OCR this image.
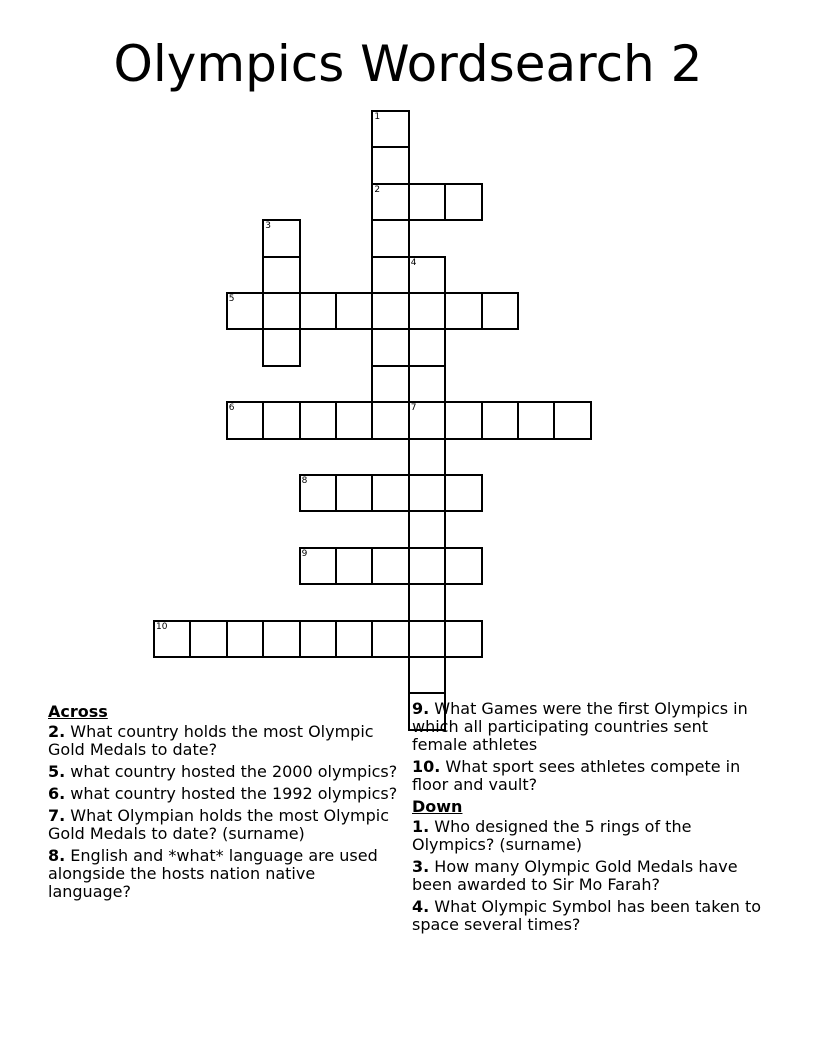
Olympics Wordsearch 2
1
2
3
4
7
5
6
8
9
10
Across
2. What country holds the most Olympic Gold Medals to date?
5. what country hosted the 2000 olympics?
6. what country hosted the 1992 olympics?
7. What Olympian holds the most Olympic Gold Medals to date? (surname)
8. English and *what* language are used alongside the hosts nation native language?
9. What Games were the first Olympics in which all participating countries sent female athletes
10. What sport sees athletes compete in floor and vault?
Down
1. Who designed the 5 rings of the Olympics? (surname)
3. How many Olympic Gold Medals have been awarded to Sir Mo Farah?
4. What Olympic Symbol has been taken to space several times?
